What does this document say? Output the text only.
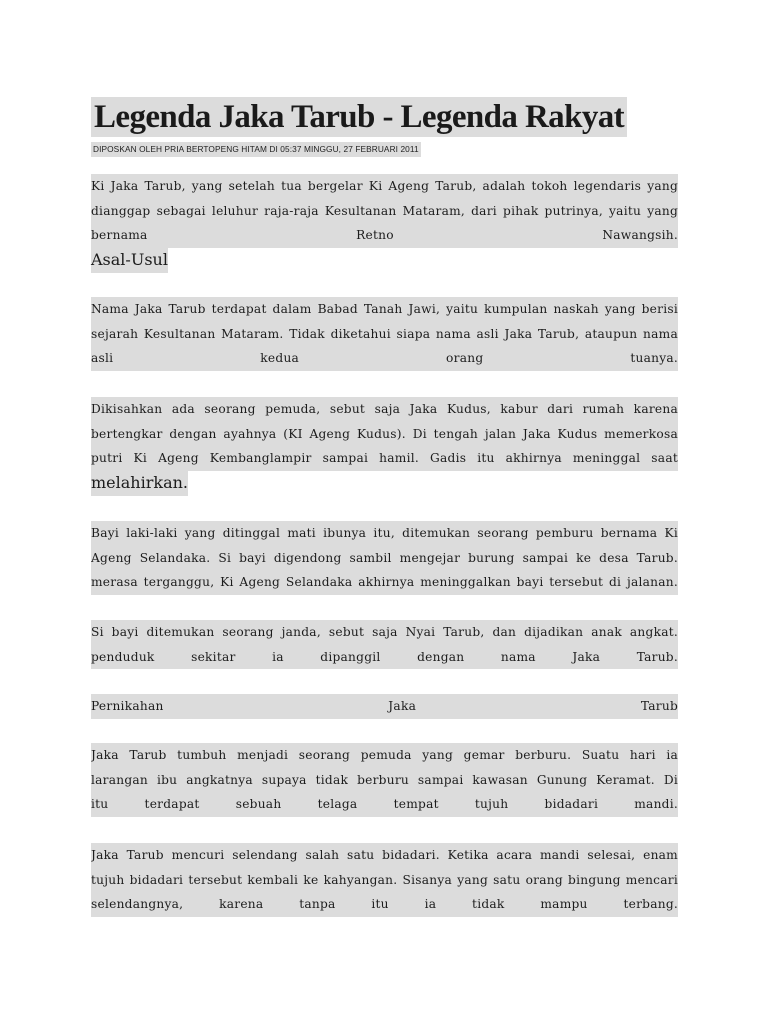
Legenda Jaka Tarub - Legenda Rakyat
DIPOSKAN OLEH PRIA BERTOPENG HITAM DI 05:37 MINGGU, 27 FEBRUARI 2011
Ki Jaka Tarub, yang setelah tua bergelar Ki Ageng Tarub, adalah tokoh legendaris yang
dianggap sebagai leluhur raja-raja Kesultanan Mataram, dari pihak putrinya, yaitu yang
bernama Retno Nawangsih.
Asal-Usul
Nama Jaka Tarub terdapat dalam Babad Tanah Jawi, yaitu kumpulan naskah yang berisi
sejarah Kesultanan Mataram. Tidak diketahui siapa nama asli Jaka Tarub, ataupun nama
asli kedua orang tuanya.
Dikisahkan ada seorang pemuda, sebut saja Jaka Kudus, kabur dari rumah karena
bertengkar dengan ayahnya (KI Ageng Kudus). Di tengah jalan Jaka Kudus memerkosa
putri Ki Ageng Kembanglampir sampai hamil. Gadis itu akhirnya meninggal saat
melahirkan.
Bayi laki-laki yang ditinggal mati ibunya itu, ditemukan seorang pemburu bernama Ki
Ageng Selandaka. Si bayi digendong sambil mengejar burung sampai ke desa Tarub.
merasa terganggu, Ki Ageng Selandaka akhirnya meninggalkan bayi tersebut di jalanan.
Si bayi ditemukan seorang janda, sebut saja Nyai Tarub, dan dijadikan anak angkat.
penduduk sekitar ia dipanggil dengan nama Jaka Tarub.
Pernikahan Jaka Tarub
Jaka Tarub tumbuh menjadi seorang pemuda yang gemar berburu. Suatu hari ia
larangan ibu angkatnya supaya tidak berburu sampai kawasan Gunung Keramat. Di
itu terdapat sebuah telaga tempat tujuh bidadari mandi.
Jaka Tarub mencuri selendang salah satu bidadari. Ketika acara mandi selesai, enam
tujuh bidadari tersebut kembali ke kahyangan. Sisanya yang satu orang bingung mencari
selendangnya, karena tanpa itu ia tidak mampu terbang.
